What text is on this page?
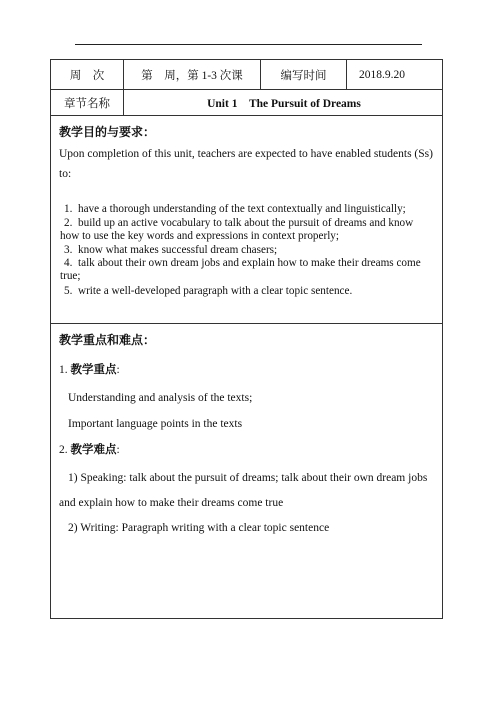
周　次	第　周，第 1-3 次课	编写时间	2018.9.20
章节名称	Unit 1　The Pursuit of Dreams
教学目的与要求：
Upon completion of this unit, teachers are expected to have enabled students (Ss) to:
1. have a thorough understanding of the text contextually and linguistically;
2. build up an active vocabulary to talk about the pursuit of dreams and know how to use the key words and expressions in context properly;
3. know what makes successful dream chasers;
4. talk about their own dream jobs and explain how to make their dreams come true;
5. write a well-developed paragraph with a clear topic sentence.
教学重点和难点：
1. 教学重点:
Understanding and analysis of the texts;
Important language points in the texts
2. 教学难点:
1) Speaking: talk about the pursuit of dreams; talk about their own dream jobs and explain how to make their dreams come true
2) Writing: Paragraph writing with a clear topic sentence
